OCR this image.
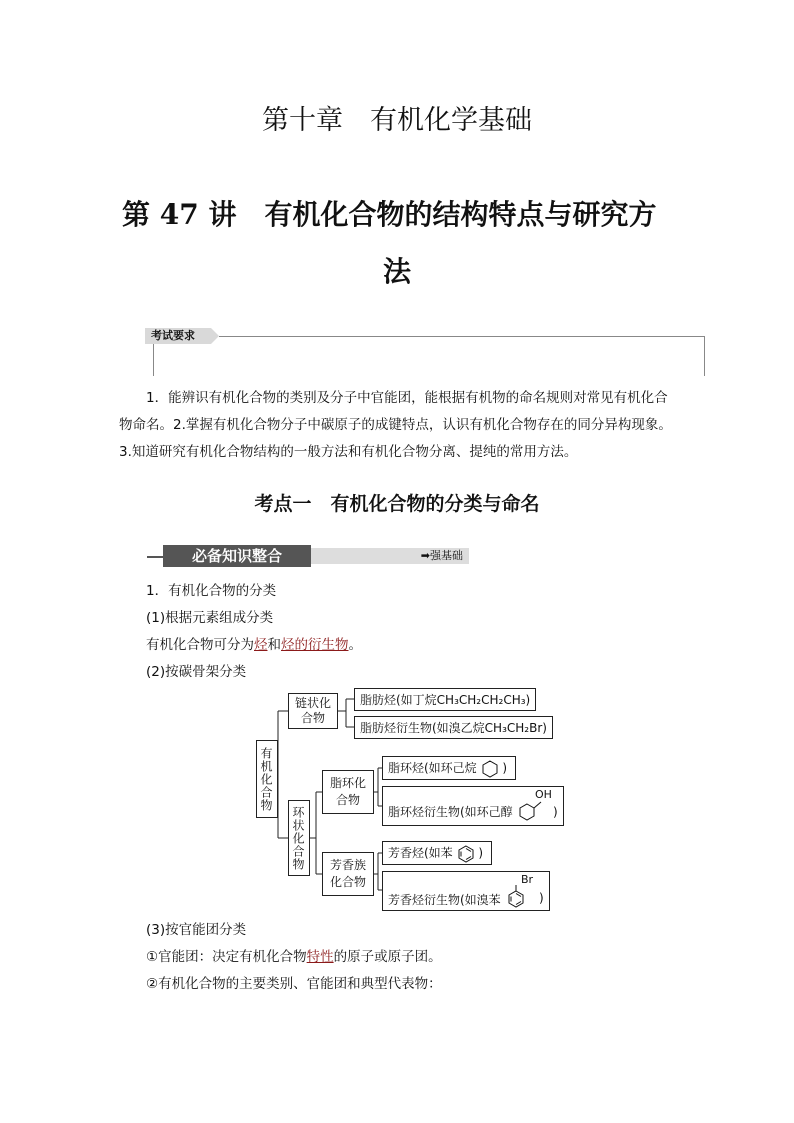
第十章　有机化学基础
第 47 讲　有机化合物的结构特点与研究方
法
考试要求
1．能辨识有机化合物的类别及分子中官能团，能根据有机物的命名规则对常见有机化合
物命名。2.掌握有机化合物分子中碳原子的成键特点，认识有机化合物存在的同分异构现象。
3.知道研究有机化合物结构的一般方法和有机化合物分离、提纯的常用方法。
考点一　有机化合物的分类与命名
必备知识整合	➡强基础
1．有机化合物的分类
(1)根据元素组成分类
有机化合物可分为烃和烃的衍生物。
(2)按碳骨架分类
有机化合物
链状化合物
脂肪烃(如丁烷CH₃CH₂CH₂CH₃)
脂肪烃衍生物(如溴乙烷CH₃CH₂Br)
环状化合物
脂环化合物
脂环烃(如环己烷 )
脂环烃衍生物(如环己醇
OH
)
芳香族化合物
芳香烃(如苯 )
芳香烃衍生物(如溴苯
Br
)
(3)按官能团分类
①官能团：决定有机化合物特性的原子或原子团。
②有机化合物的主要类别、官能团和典型代表物：
